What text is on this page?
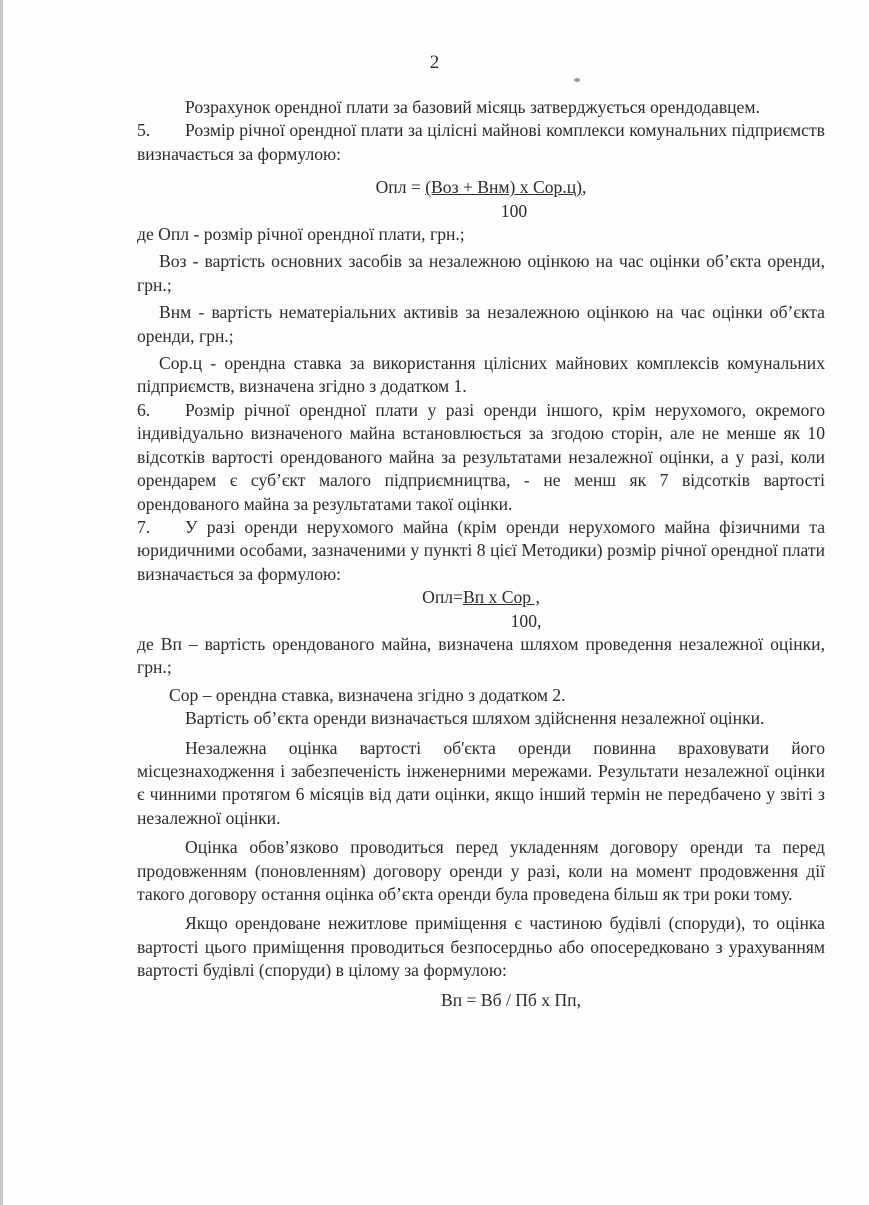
2

Розрахунок орендної плати за базовий місяць затверджується орендодавцем.

5. Розмір річної орендної плати за цілісні майнові комплекси комунальних підприємств визначається за формулою:

Опл = (Воз + Внм) х Сор.ц),

100

де Опл - розмір річної орендної плати, грн.;

Воз - вартість основних засобів за незалежною оцінкою на час оцінки об’єкта оренди, грн.;

Внм - вартість нематеріальних активів за незалежною оцінкою на час оцінки об’єкта оренди, грн.;

Сор.ц - орендна ставка за використання цілісних майнових комплексів комунальних підприємств, визначена згідно з додатком 1.

6. Розмір річної орендної плати у разі оренди іншого, крім нерухомого, окремого індивідуально визначеного майна встановлюється за згодою сторін, але не менше як 10 відсотків вартості орендованого майна за результатами незалежної оцінки, а у разі, коли орендарем є суб’єкт малого підприємництва, - не менш як 7 відсотків вартості орендованого майна за результатами такої оцінки.

7. У разі оренди нерухомого майна (крім оренди нерухомого майна фізичними та юридичними особами, зазначеними у пункті 8 цієї Методики) розмір річної орендної плати визначається за формулою:

Опл=Вп х Сор ,

100,

де Вп – вартість орендованого майна, визначена шляхом проведення незалежної оцінки, грн.;

Сор – орендна ставка, визначена згідно з додатком 2.

Вартість об’єкта оренди визначається шляхом здійснення незалежної оцінки.

Незалежна оцінка вартості об'єкта оренди повинна враховувати його місцезнаходження і забезпеченість інженерними мережами. Результати незалежної оцінки є чинними протягом 6 місяців від дати оцінки, якщо інший термін не передбачено у звіті з незалежної оцінки.

Оцінка обов’язково проводиться перед укладенням договору оренди та перед продовженням (поновленням) договору оренди у разі, коли на момент продовження дії такого договору остання оцінка об’єкта оренди була проведена більш як три роки тому.

Якщо орендоване нежитлове приміщення є частиною будівлі (споруди), то оцінка вартості цього приміщення проводиться безпосердньо або опосередковано з урахуванням вартості будівлі (споруди) в цілому за формулою:

Вп = Вб / Пб х Пп,
